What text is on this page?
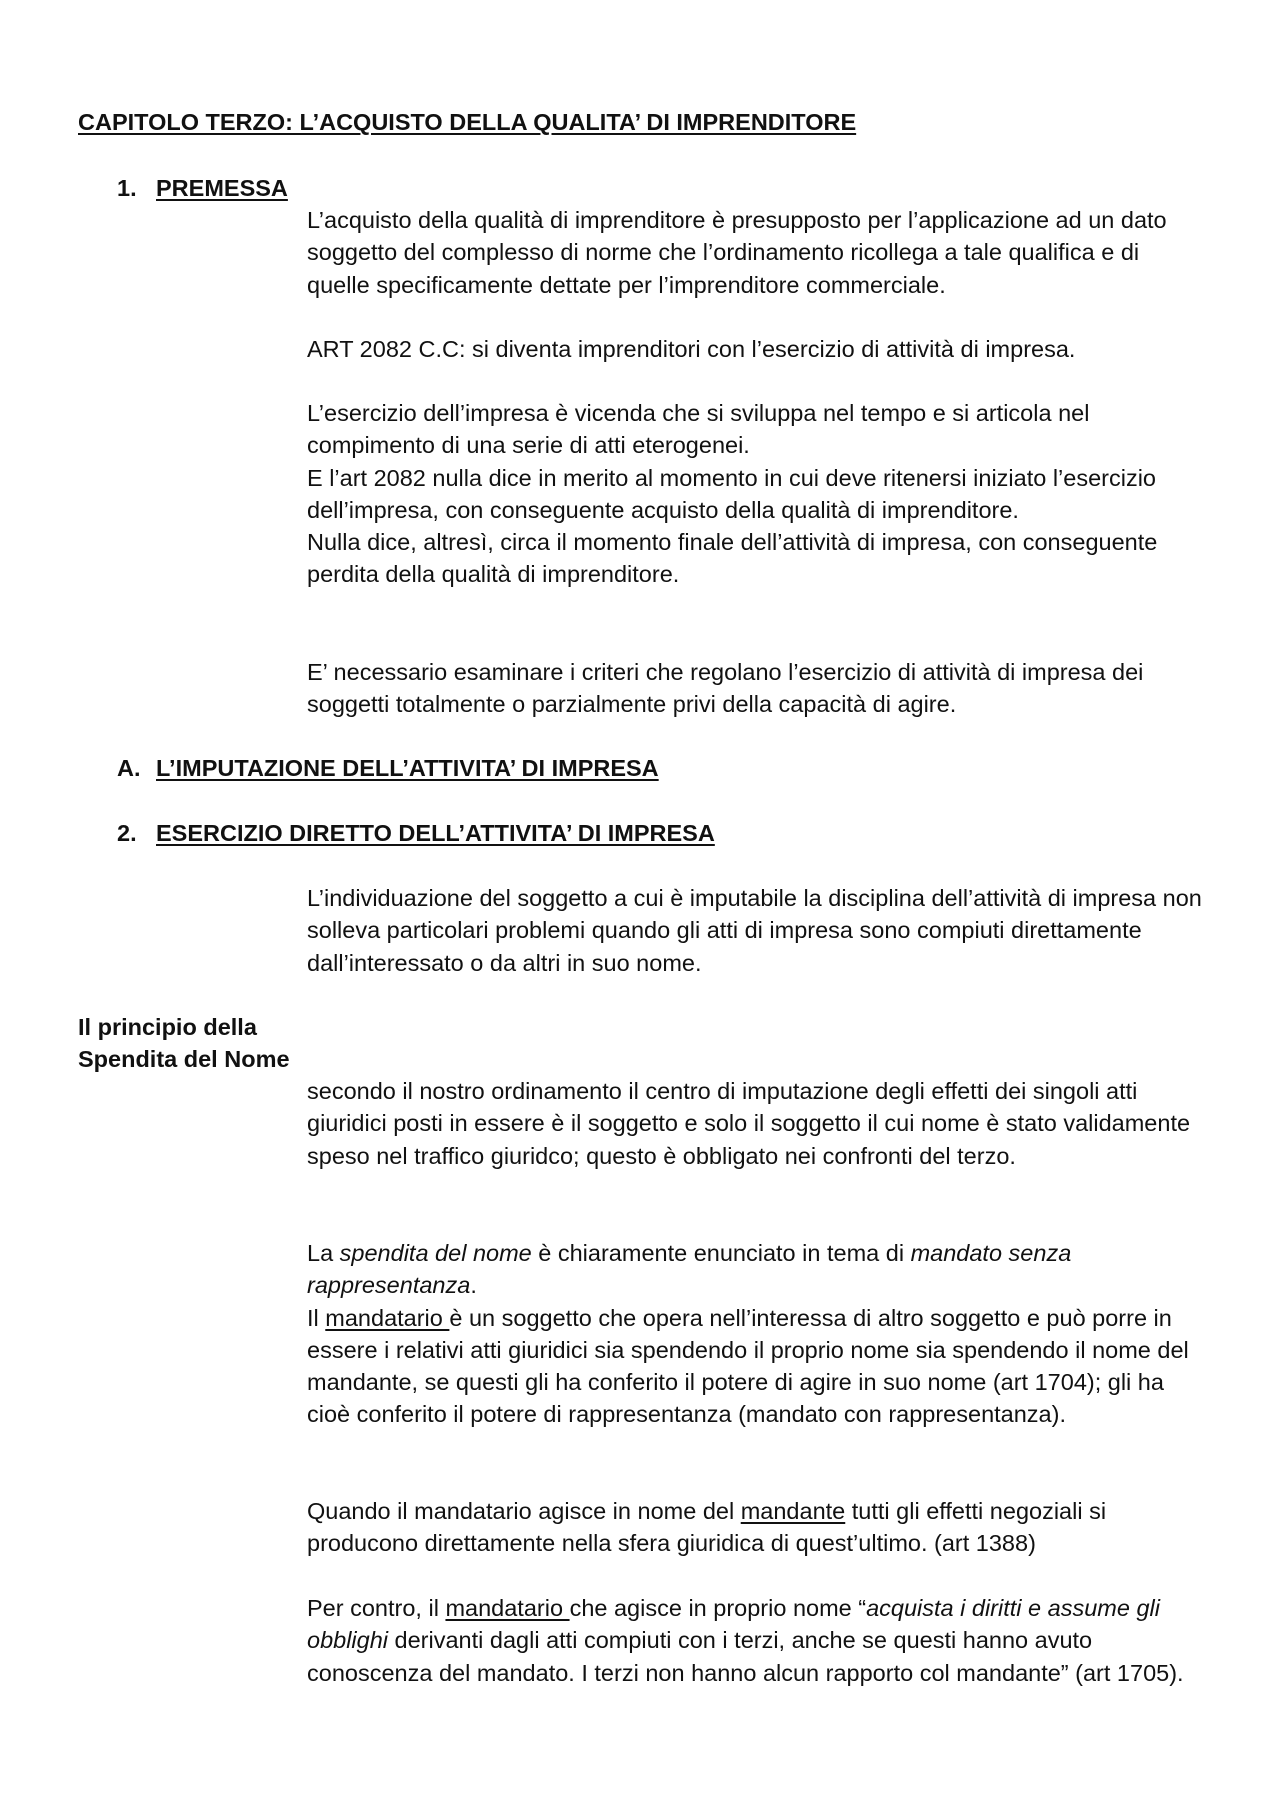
CAPITOLO TERZO: L’ACQUISTO DELLA QUALITA’ DI IMPRENDITORE
1. PREMESSA

L’acquisto della qualità di imprenditore è presupposto per l’applicazione ad un dato soggetto del complesso di norme che l’ordinamento ricollega a tale qualifica e di quelle specificamente dettate per l’imprenditore commerciale.

ART 2082 C.C: si diventa imprenditori con l’esercizio di attività di impresa.

L’esercizio dell’impresa è vicenda che si sviluppa nel tempo e si articola nel compimento di una serie di atti eterogenei.
E l’art 2082 nulla dice in merito al momento in cui deve ritenersi iniziato l’esercizio dell’impresa, con conseguente acquisto della qualità di imprenditore.
Nulla dice, altresì, circa il momento finale dell’attività di impresa, con conseguente perdita della qualità di imprenditore.

E’ necessario esaminare i criteri che regolano l’esercizio di attività di impresa dei soggetti totalmente o parzialmente privi della capacità di agire.

A. L’IMPUTAZIONE DELL’ATTIVITA’ DI IMPRESA
2. ESERCIZIO DIRETTO DELL’ATTIVITA’ DI IMPRESA

L’individuazione del soggetto a cui è imputabile la disciplina dell’attività di impresa non solleva particolari problemi quando gli atti di impresa sono compiuti direttamente dall’interessato o da altri in suo nome.

Il principio della Spendita del Nome

secondo il nostro ordinamento il centro di imputazione degli effetti dei singoli atti giuridici posti in essere è il soggetto e solo il soggetto il cui nome è stato validamente speso nel traffico giuridco; questo è obbligato nei confronti del terzo.

La spendita del nome è chiaramente enunciato in tema di mandato senza rappresentanza.
Il mandatario è un soggetto che opera nell’interessa di altro soggetto e può porre in essere i relativi atti giuridici sia spendendo il proprio nome sia spendendo il nome del mandante, se questi gli ha conferito il potere di agire in suo nome (art 1704); gli ha cioè conferito il potere di rappresentanza (mandato con rappresentanza).

Quando il mandatario agisce in nome del mandante tutti gli effetti negoziali si producono direttamente nella sfera giuridica di quest’ultimo. (art 1388)

Per contro, il mandatario che agisce in proprio nome “acquista i diritti e assume gli obblighi derivanti dagli atti compiuti con i terzi, anche se questi hanno avuto conoscenza del mandato. I terzi non hanno alcun rapporto col mandante” (art 1705).
